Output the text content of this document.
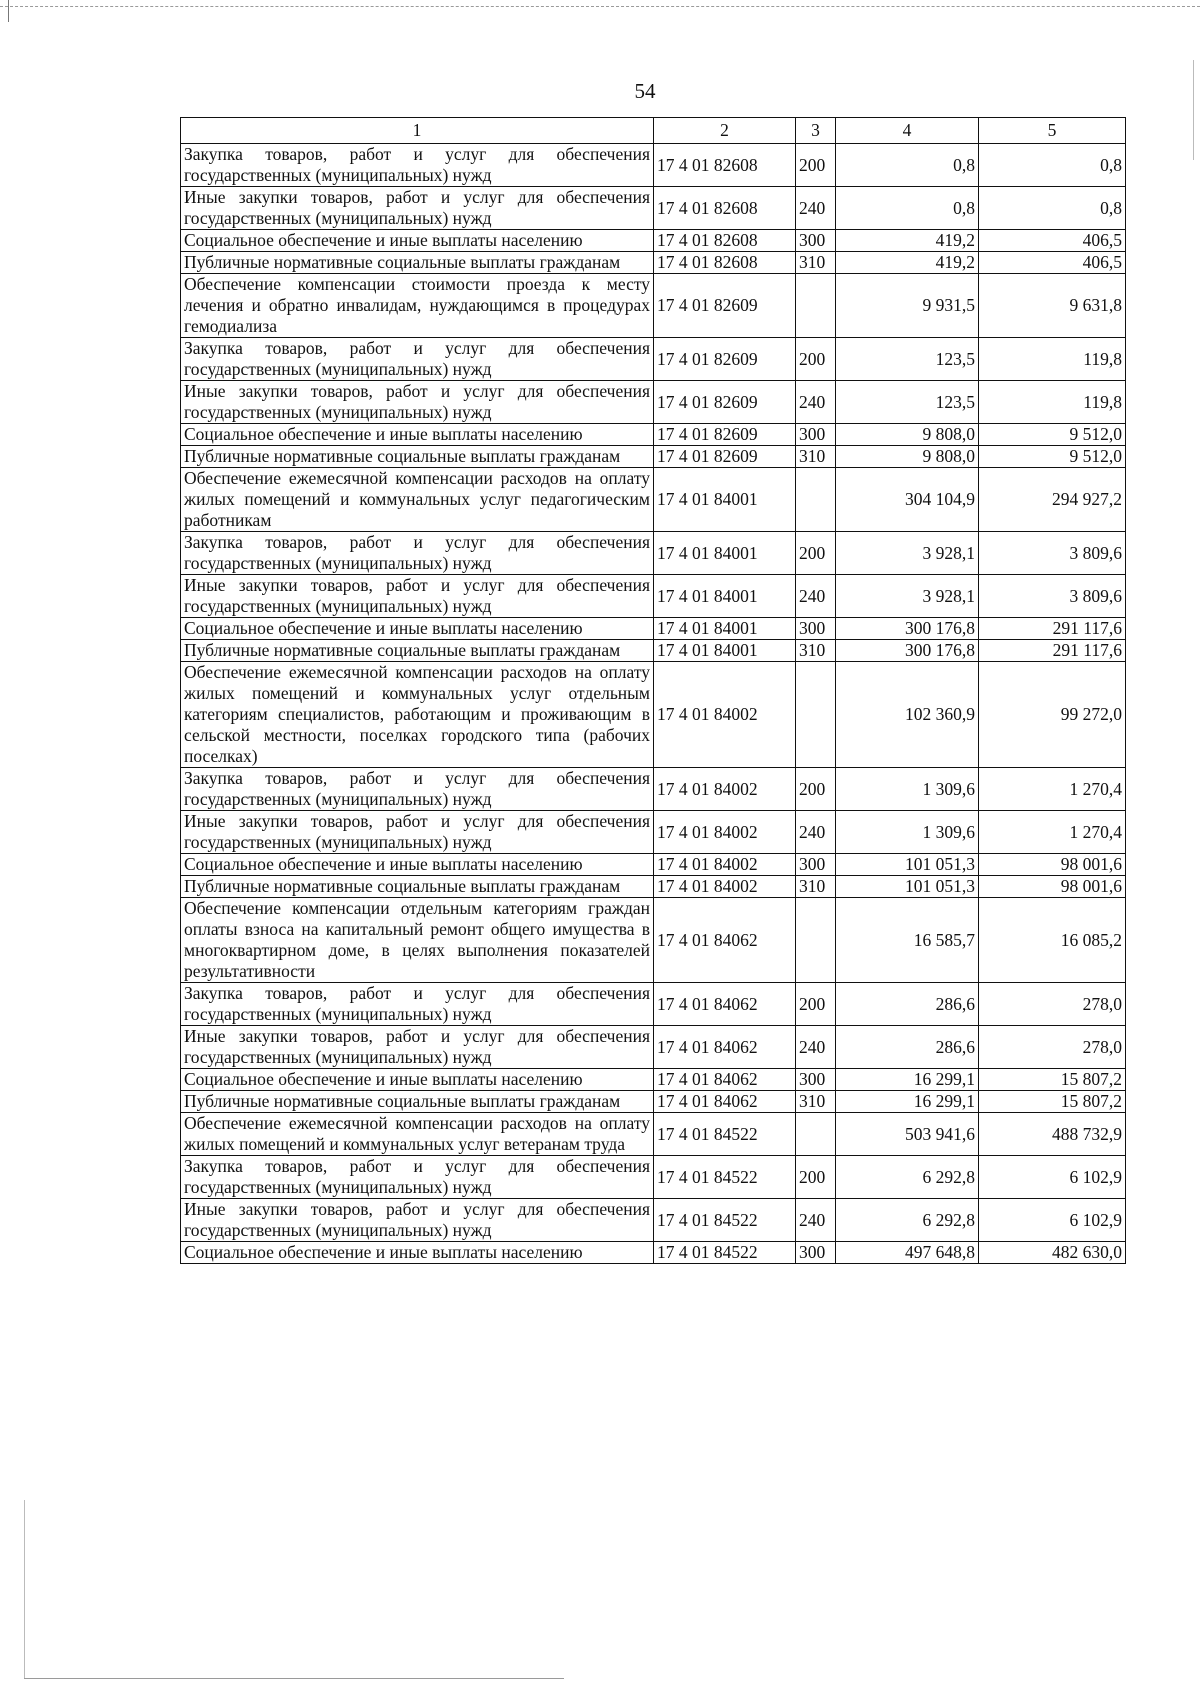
54
1	2	3	4	5
Закупка товаров, работ и услуг для обеспечения государственных (муниципальных) нужд	17 4 01 82608	200	0,8	0,8
Иные закупки товаров, работ и услуг для обеспечения государственных (муниципальных) нужд	17 4 01 82608	240	0,8	0,8
Социальное обеспечение и иные выплаты населению	17 4 01 82608	300	419,2	406,5
Публичные нормативные социальные выплаты гражданам	17 4 01 82608	310	419,2	406,5
Обеспечение компенсации стоимости проезда к месту лечения и обратно инвалидам, нуждающимся в процедурах гемодиализа	17 4 01 82609		9 931,5	9 631,8
Закупка товаров, работ и услуг для обеспечения государственных (муниципальных) нужд	17 4 01 82609	200	123,5	119,8
Иные закупки товаров, работ и услуг для обеспечения государственных (муниципальных) нужд	17 4 01 82609	240	123,5	119,8
Социальное обеспечение и иные выплаты населению	17 4 01 82609	300	9 808,0	9 512,0
Публичные нормативные социальные выплаты гражданам	17 4 01 82609	310	9 808,0	9 512,0
Обеспечение ежемесячной компенсации расходов на оплату жилых помещений и коммунальных услуг педагогическим работникам	17 4 01 84001		304 104,9	294 927,2
Закупка товаров, работ и услуг для обеспечения государственных (муниципальных) нужд	17 4 01 84001	200	3 928,1	3 809,6
Иные закупки товаров, работ и услуг для обеспечения государственных (муниципальных) нужд	17 4 01 84001	240	3 928,1	3 809,6
Социальное обеспечение и иные выплаты населению	17 4 01 84001	300	300 176,8	291 117,6
Публичные нормативные социальные выплаты гражданам	17 4 01 84001	310	300 176,8	291 117,6
Обеспечение ежемесячной компенсации расходов на оплату жилых помещений и коммунальных услуг отдельным категориям специалистов, работающим и проживающим в сельской местности, поселках городского типа (рабочих поселках)	17 4 01 84002		102 360,9	99 272,0
Закупка товаров, работ и услуг для обеспечения государственных (муниципальных) нужд	17 4 01 84002	200	1 309,6	1 270,4
Иные закупки товаров, работ и услуг для обеспечения государственных (муниципальных) нужд	17 4 01 84002	240	1 309,6	1 270,4
Социальное обеспечение и иные выплаты населению	17 4 01 84002	300	101 051,3	98 001,6
Публичные нормативные социальные выплаты гражданам	17 4 01 84002	310	101 051,3	98 001,6
Обеспечение компенсации отдельным категориям граждан оплаты взноса на капитальный ремонт общего имущества в многоквартирном доме, в целях выполнения показателей результативности	17 4 01 84062		16 585,7	16 085,2
Закупка товаров, работ и услуг для обеспечения государственных (муниципальных) нужд	17 4 01 84062	200	286,6	278,0
Иные закупки товаров, работ и услуг для обеспечения государственных (муниципальных) нужд	17 4 01 84062	240	286,6	278,0
Социальное обеспечение и иные выплаты населению	17 4 01 84062	300	16 299,1	15 807,2
Публичные нормативные социальные выплаты гражданам	17 4 01 84062	310	16 299,1	15 807,2
Обеспечение ежемесячной компенсации расходов на оплату жилых помещений и коммунальных услуг ветеранам труда	17 4 01 84522		503 941,6	488 732,9
Закупка товаров, работ и услуг для обеспечения государственных (муниципальных) нужд	17 4 01 84522	200	6 292,8	6 102,9
Иные закупки товаров, работ и услуг для обеспечения государственных (муниципальных) нужд	17 4 01 84522	240	6 292,8	6 102,9
Социальное обеспечение и иные выплаты населению	17 4 01 84522	300	497 648,8	482 630,0
